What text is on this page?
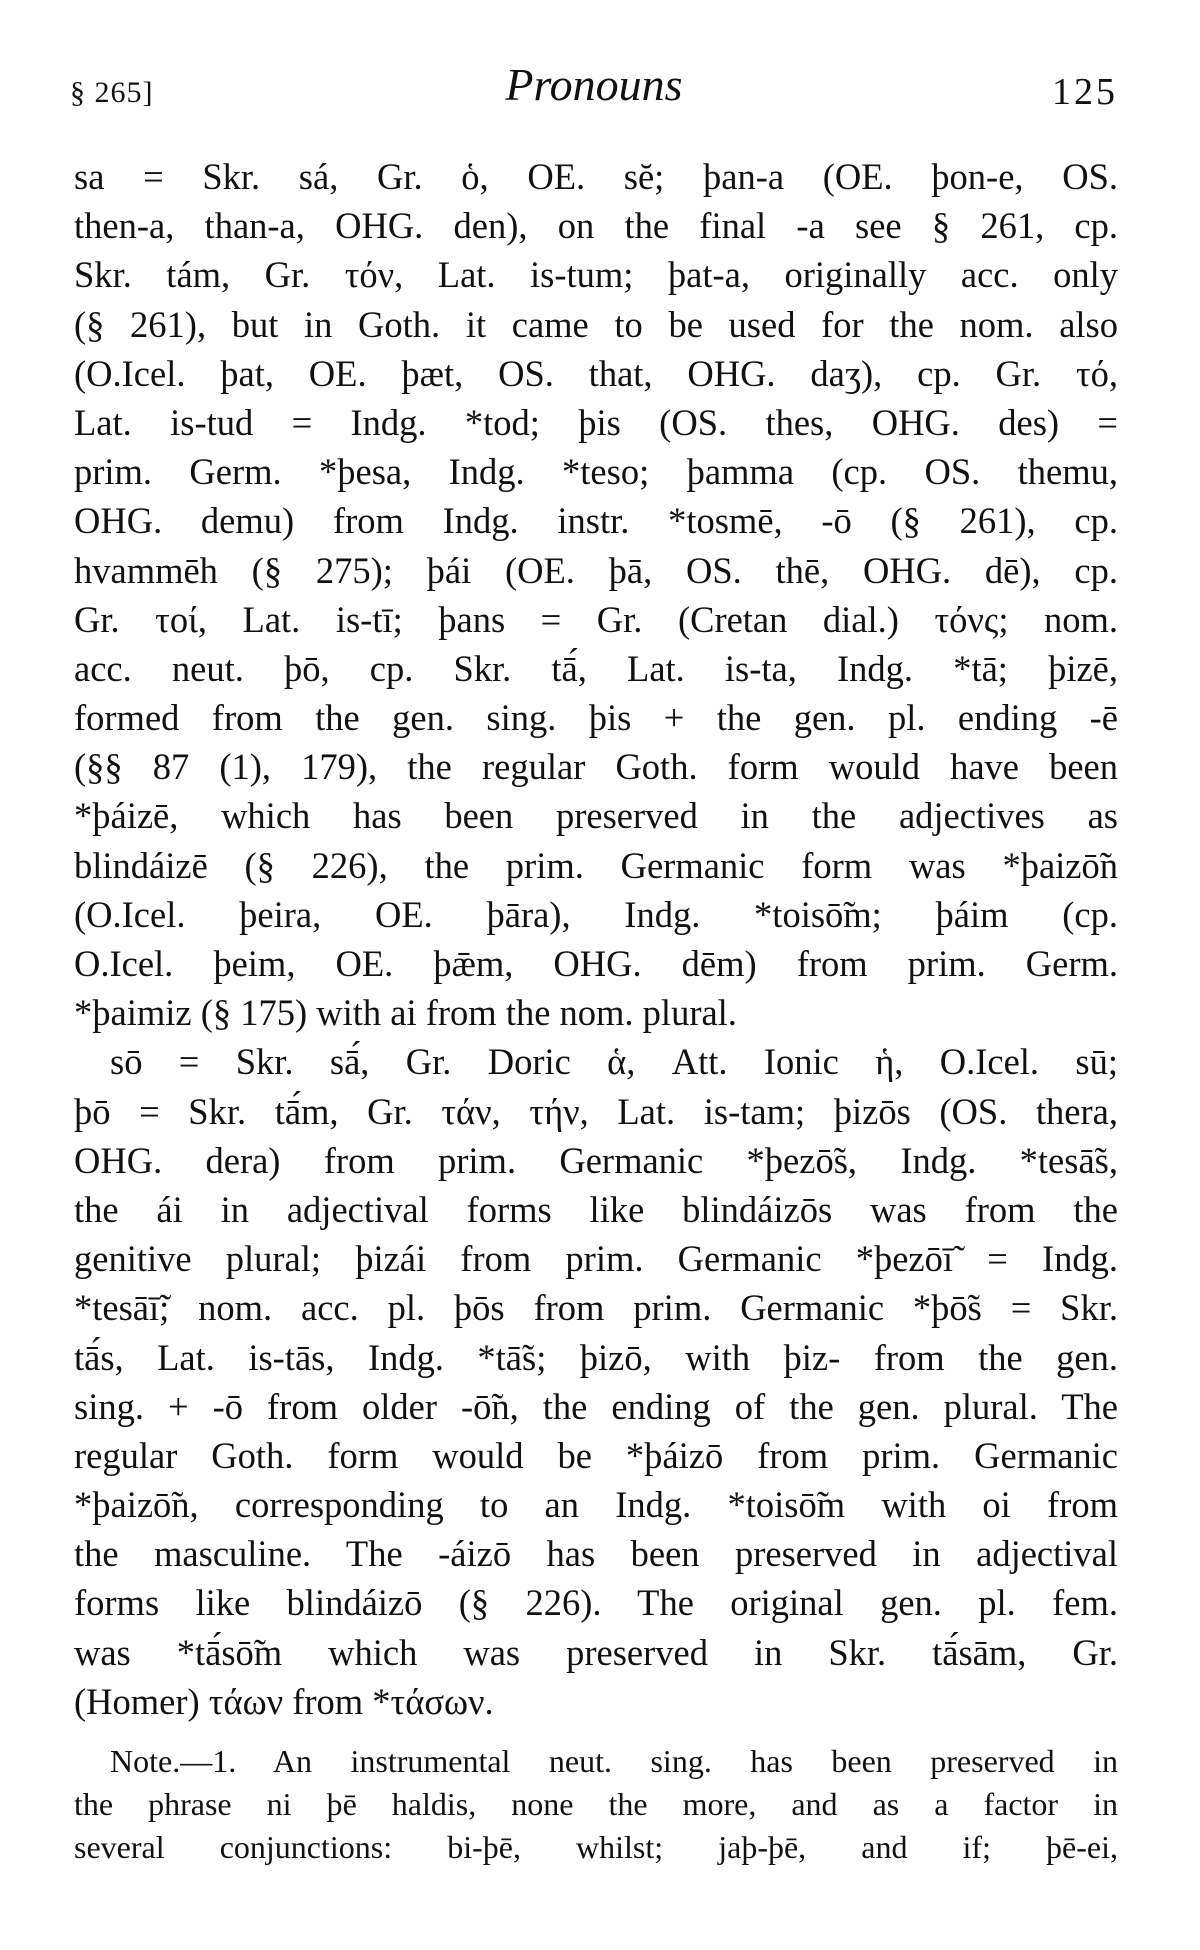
§ 265]	Pronouns	125
sa = Skr. sá, Gr. ὁ, OE. sĕ; þan-a (OE. þon-e, OS.
then-a, than-a, OHG. den), on the final -a see § 261, cp.
Skr. tám, Gr. τόν, Lat. is-tum; þat-a, originally acc. only
(§ 261), but in Goth. it came to be used for the nom. also
(O.Icel. þat, OE. þæt, OS. that, OHG. daʒ), cp. Gr. τό,
Lat. is-tud = Indg. *tod; þis (OS. thes, OHG. des) =
prim. Germ. *þesa, Indg. *teso; þamma (cp. OS. themu,
OHG. demu) from Indg. instr. *tosmē, -ō (§ 261), cp.
hvammēh (§ 275); þái (OE. þā, OS. thē, OHG. dē), cp.
Gr. τοί, Lat. is-tī; þans = Gr. (Cretan dial.) τόνς; nom.
acc. neut. þō, cp. Skr. tā́, Lat. is-ta, Indg. *tā; þizē,
formed from the gen. sing. þis + the gen. pl. ending -ē
(§§ 87 (1), 179), the regular Goth. form would have been
*þáizē, which has been preserved in the adjectives as
blindáizē (§ 226), the prim. Germanic form was *þaizō̃n
(O.Icel. þeira, OE. þāra), Indg. *toisō̃m; þáim (cp.
O.Icel. þeim, OE. þǣm, OHG. dēm) from prim. Germ.
*þaimiz (§ 175) with ai from the nom. plural.
sō = Skr. sā́, Gr. Doric ἁ, Att. Ionic ἡ, O.Icel. sū;
þō = Skr. tā́m, Gr. τάν, τήν, Lat. is-tam; þizōs (OS. thera,
OHG. dera) from prim. Germanic *þezō̃s, Indg. *tesā̃s,
the ái in adjectival forms like blindáizōs was from the
genitive plural; þizái from prim. Germanic *þezōī̃ = Indg.
*tesāī̃; nom. acc. pl. þōs from prim. Germanic *þō̃s = Skr.
tā́s, Lat. is-tās, Indg. *tā̃s; þizō, with þiz- from the gen.
sing. + -ō from older -ō̃n, the ending of the gen. plural. The
regular Goth. form would be *þáizō from prim. Germanic
*þaizō̃n, corresponding to an Indg. *toisō̃m with oi from
the masculine. The -áizō has been preserved in adjectival
forms like blindáizō (§ 226). The original gen. pl. fem.
was *tā́sō̃m which was preserved in Skr. tā́sām, Gr.
(Homer) τάων from *τάσων.
Note.—1. An instrumental neut. sing. has been preserved in
the phrase ni þē haldis, none the more, and as a factor in
several conjunctions: bi-þē, whilst; jaþ-þē, and if; þē-ei,
